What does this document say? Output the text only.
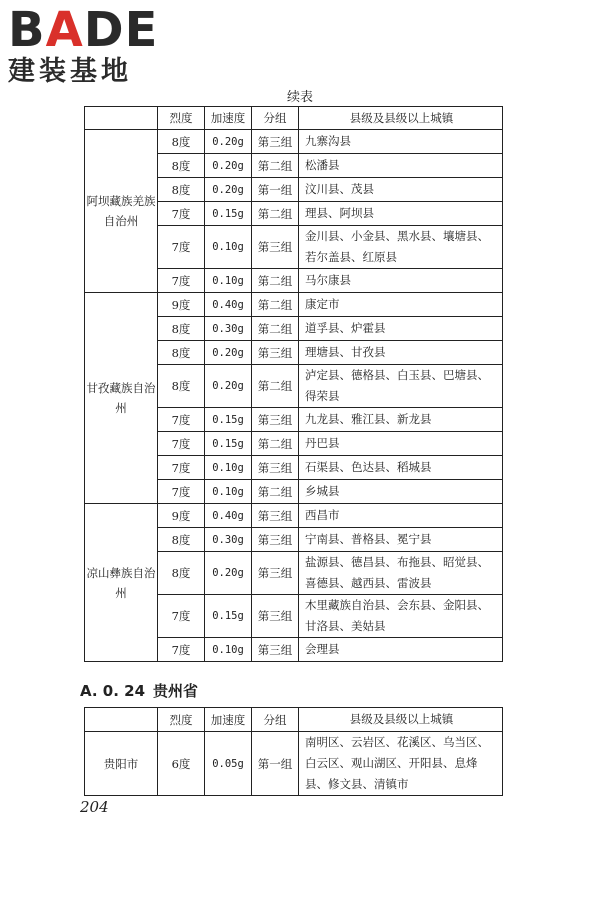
BADE
建装基地
续表
	烈度	加速度	分组	县级及县级以上城镇
阿坝藏族羌族自治州	8度	0.20g	第三组	九寨沟县
	8度	0.20g	第二组	松潘县
	8度	0.20g	第一组	汶川县、茂县
	7度	0.15g	第二组	理县、阿坝县
	7度	0.10g	第三组	金川县、小金县、黑水县、壤塘县、若尔盖县、红原县
	7度	0.10g	第二组	马尔康县
甘孜藏族自治州	9度	0.40g	第二组	康定市
	8度	0.30g	第二组	道孚县、炉霍县
	8度	0.20g	第三组	理塘县、甘孜县
	8度	0.20g	第二组	泸定县、德格县、白玉县、巴塘县、得荣县
	7度	0.15g	第三组	九龙县、雅江县、新龙县
	7度	0.15g	第二组	丹巴县
	7度	0.10g	第三组	石渠县、色达县、稻城县
	7度	0.10g	第二组	乡城县
凉山彝族自治州	9度	0.40g	第三组	西昌市
	8度	0.30g	第三组	宁南县、普格县、冕宁县
	8度	0.20g	第三组	盐源县、德昌县、布拖县、昭觉县、喜德县、越西县、雷波县
	7度	0.15g	第三组	木里藏族自治县、会东县、金阳县、甘洛县、美姑县
	7度	0.10g	第三组	会理县
A. 0. 24 贵州省
	烈度	加速度	分组	县级及县级以上城镇
贵阳市	6度	0.05g	第一组	南明区、云岩区、花溪区、乌当区、白云区、观山湖区、开阳县、息烽县、修文县、清镇市
204
